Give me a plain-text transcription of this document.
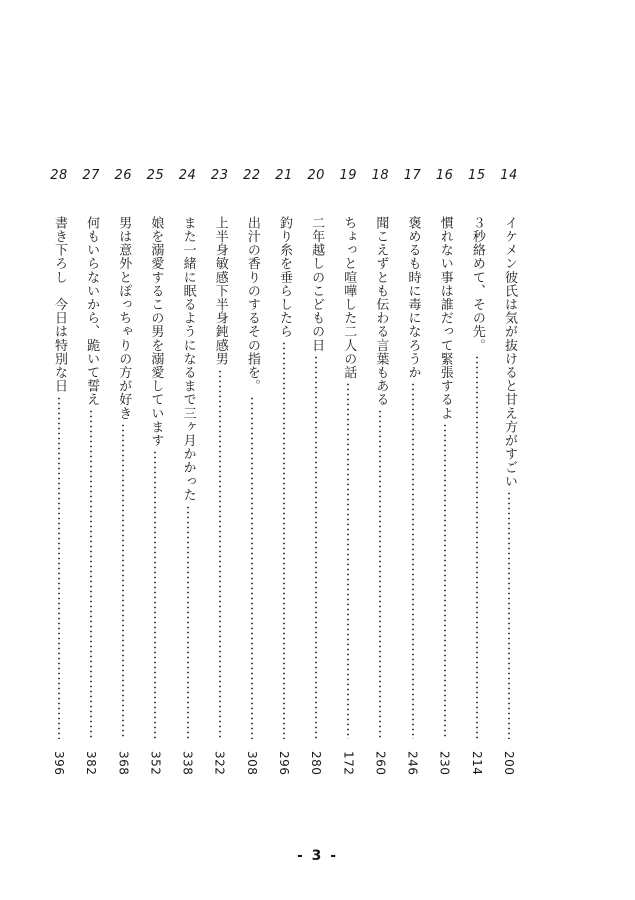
14
イケメン彼氏は気が抜けると甘え方がすごい
200
15
３秒絡めて、その先。
214
16
慣れない事は誰だって緊張するよ
230
17
褒めるも時に毒になろうか
246
18
聞こえずとも伝わる言葉もある
260
19
ちょっと喧嘩した二人の話
172
20
二年越しのこどもの日
280
21
釣り糸を垂らしたら
296
22
出汁の香りのするその指を。
308
23
上半身敏感下半身鈍感男
322
24
また一緒に眠るようになるまで三ヶ月かかった
338
25
娘を溺愛するこの男を溺愛しています
352
26
男は意外とぽっちゃりの方が好き
368
27
何もいらないから、跪いて誓え
382
28
書き下ろし　今日は特別な日
396
- 3 -
